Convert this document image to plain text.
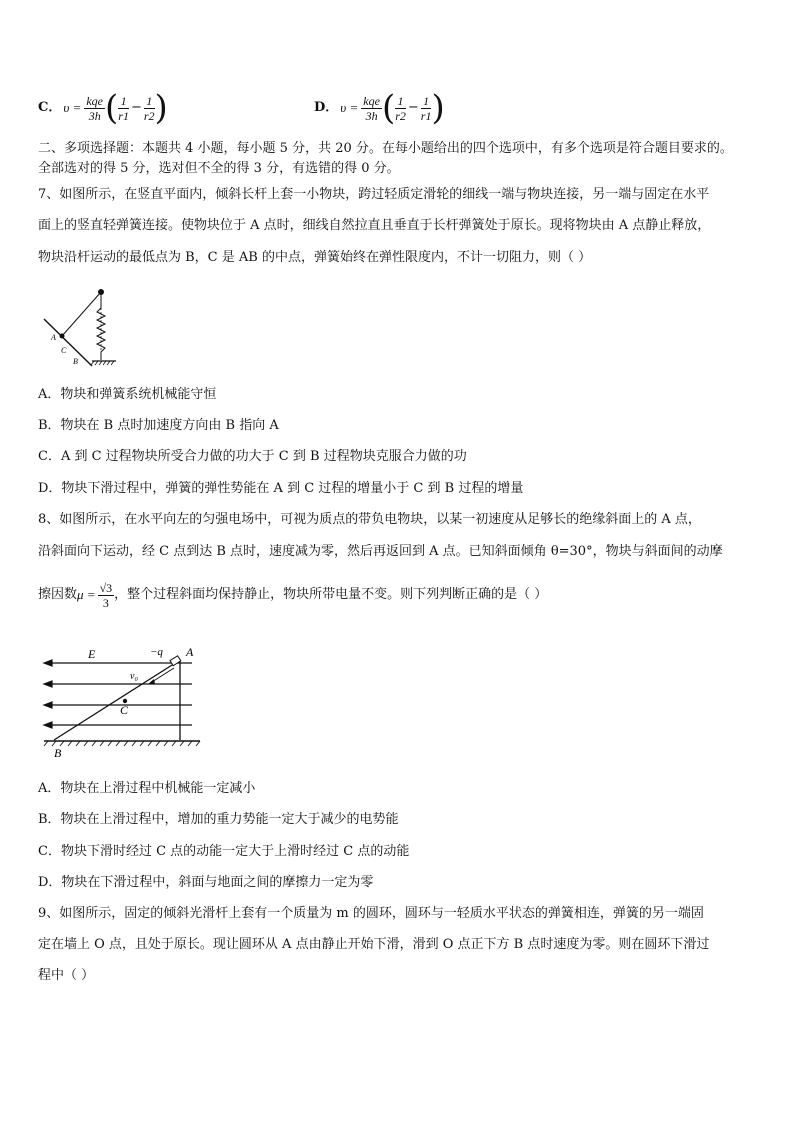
C． $\upsilon = \frac{\text{kqe}}{3h}$ ( $\frac{1}{r1} - \frac{1}{r2}$ )	D． $\upsilon = \frac{\text{kqe}}{3h}$ ( $\frac{1}{r2} - \frac{1}{r1}$ )
二、多项选择题：本题共 4 小题，每小题 5 分，共 20 分。在每小题给出的四个选项中，有多个选项是符合题目要求的。
全部选对的得 5 分，选对但不全的得 3 分，有选错的得 0 分。
7、如图所示，在竖直平面内，倾斜长杆上套一小物块，跨过轻质定滑轮的细线一端与物块连接，另一端与固定在水平
面上的竖直轻弹簧连接。使物块位于 A 点时，细线自然拉直且垂直于长杆弹簧处于原长。现将物块由 A 点静止释放，
物块沿杆运动的最低点为 B，C 是 AB 的中点，弹簧始终在弹性限度内，不计一切阻力，则（ ）
A
C
B
A．物块和弹簧系统机械能守恒
B．物块在 B 点时加速度方向由 B 指向 A
C．A 到 C 过程物块所受合力做的功大于 C 到 B 过程物块克服合力做的功
D．物块下滑过程中，弹簧的弹性势能在 A 到 C 过程的增量小于 C 到 B 过程的增量
8、如图所示，在水平向左的匀强电场中，可视为质点的带负电物块，以某一初速度从足够长的绝缘斜面上的 A 点，
沿斜面向下运动，经 C 点到达 B 点时，速度减为零，然后再返回到 A 点。已知斜面倾角 θ=30°，物块与斜面间的动摩
擦因数 $\mu = \frac{√3}{3}$ ，整个过程斜面均保持静止，物块所带电量不变。则下列判断正确的是（ ）
E	−q A
v₀
C
B
A．物块在上滑过程中机械能一定减小
B．物块在上滑过程中，增加的重力势能一定大于减少的电势能
C．物块下滑时经过 C 点的动能一定大于上滑时经过 C 点的动能
D．物块在下滑过程中，斜面与地面之间的摩擦力一定为零
9、如图所示，固定的倾斜光滑杆上套有一个质量为 m 的圆环，圆环与一轻质水平状态的弹簧相连，弹簧的另一端固
定在墙上 O 点，且处于原长。现让圆环从 A 点由静止开始下滑，滑到 O 点正下方 B 点时速度为零。则在圆环下滑过
程中（ ）
